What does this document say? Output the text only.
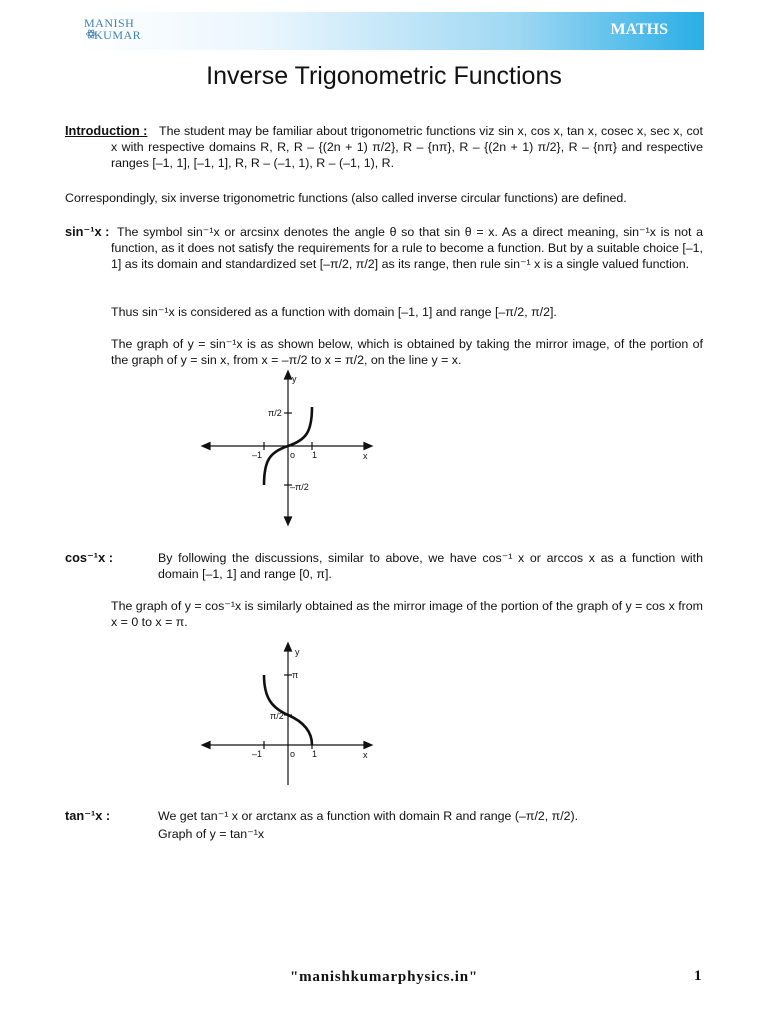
MANISH
KUMAR	MATHS
Inverse Trigonometric Functions
Introduction : The student may be familiar about trigonometric functions viz sin x, cos x, tan x, cosec x, sec x, cot x with respective domains R, R, R – {(2n + 1) π/2}, R – {nπ}, R – {(2n + 1) π/2}, R – {nπ} and respective ranges [–1, 1], [–1, 1], R, R – (–1, 1), R – (–1, 1), R.

Correspondingly, six inverse trigonometric functions (also called inverse circular functions) are defined.
sin⁻¹x : The symbol sin⁻¹x or arcsinx denotes the angle θ so that sin θ = x. As a direct meaning, sin⁻¹x is not a function, as it does not satisfy the requirements for a rule to become a function. But by a suitable choice [–1, 1] as its domain and standardized set [–π/2, π/2] as its range, then rule sin⁻¹ x is a single valued function.

Thus sin⁻¹x is considered as a function with domain [–1, 1] and range [–π/2, π/2].
The graph of y = sin⁻¹x is as shown below, which is obtained by taking the mirror image, of the portion of the graph of y = sin x, from x = –π/2 to x = π/2, on the line y = x.
y
x
π/2
–π/2
–1	1
o
cos⁻¹x :	By following the discussions, similar to above, we have cos⁻¹ x or arccos x as a function with domain [–1, 1] and range [0, π].
The graph of y = cos⁻¹x is similarly obtained as the mirror image of the portion of the graph of y = cos x from x = 0 to x = π.
y
x
π
π/2
–1	1
o
tan⁻¹x :	We get tan⁻¹ x or arctanx as a function with domain R and range (–π/2, π/2).
Graph of y = tan⁻¹x
"manishkumarphysics.in"	1
